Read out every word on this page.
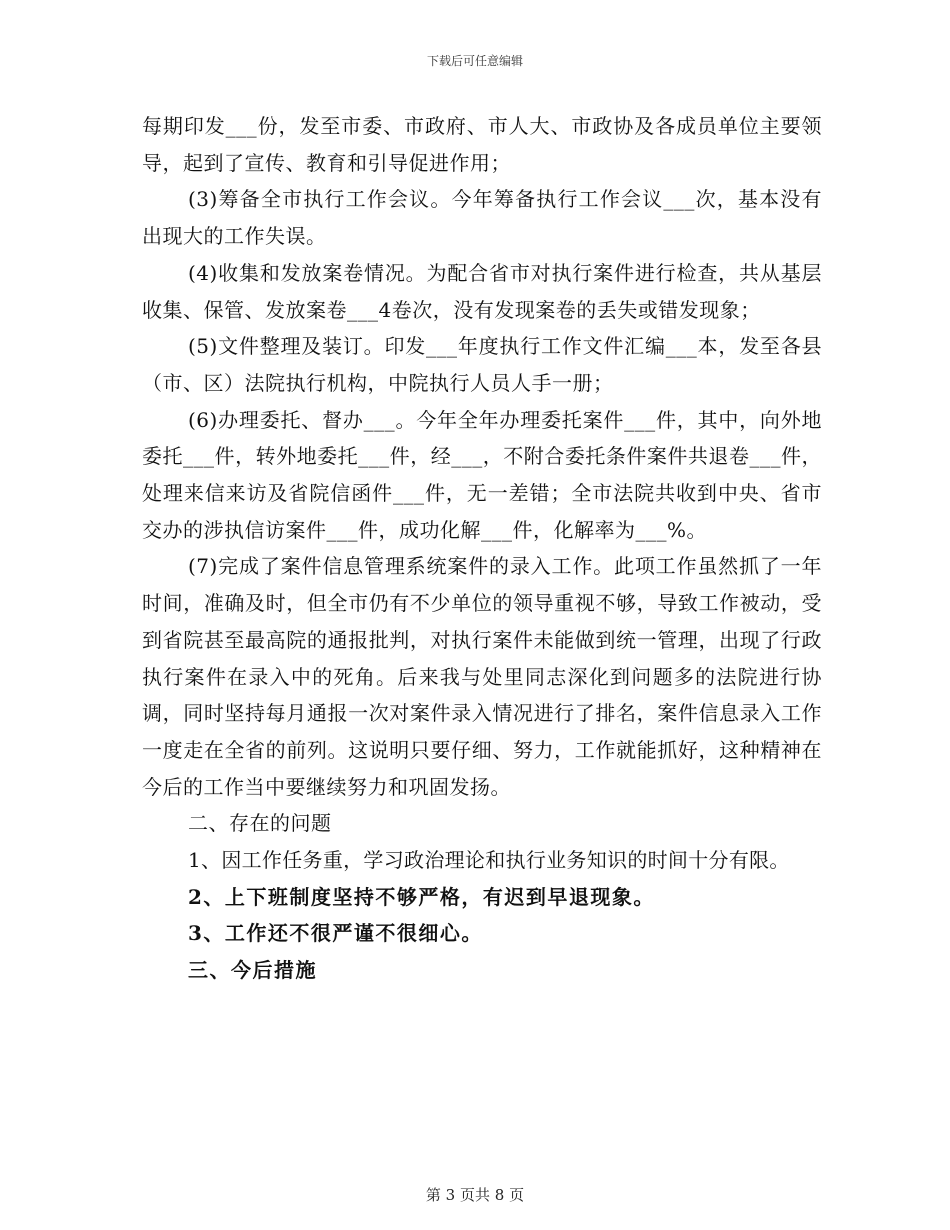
下载后可任意编辑

每期印发___份，发至市委、市政府、市人大、市政协及各成员单位主要领导，起到了宣传、教育和引导促进作用；

(3)筹备全市执行工作会议。今年筹备执行工作会议___次，基本没有出现大的工作失误。

(4)收集和发放案卷情况。为配合省市对执行案件进行检查，共从基层收集、保管、发放案卷___4卷次，没有发现案卷的丢失或错发现象；

(5)文件整理及装订。印发___年度执行工作文件汇编___本，发至各县（市、区）法院执行机构，中院执行人员人手一册；

(6)办理委托、督办___。今年全年办理委托案件___件，其中，向外地委托___件，转外地委托___件，经___，不附合委托条件案件共退卷___件，处理来信来访及省院信函件___件，无一差错；全市法院共收到中央、省市交办的涉执信访案件___件，成功化解___件，化解率为___%。

(7)完成了案件信息管理系统案件的录入工作。此项工作虽然抓了一年时间，准确及时，但全市仍有不少单位的领导重视不够，导致工作被动，受到省院甚至最高院的通报批判，对执行案件未能做到统一管理，出现了行政执行案件在录入中的死角。后来我与处里同志深化到问题多的法院进行协调，同时坚持每月通报一次对案件录入情况进行了排名，案件信息录入工作一度走在全省的前列。这说明只要仔细、努力，工作就能抓好，这种精神在今后的工作当中要继续努力和巩固发扬。

二、存在的问题

1、因工作任务重，学习政治理论和执行业务知识的时间十分有限。

2、上下班制度坚持不够严格，有迟到早退现象。

3、工作还不很严谨不很细心。

三、今后措施

第 3 页共 8 页
